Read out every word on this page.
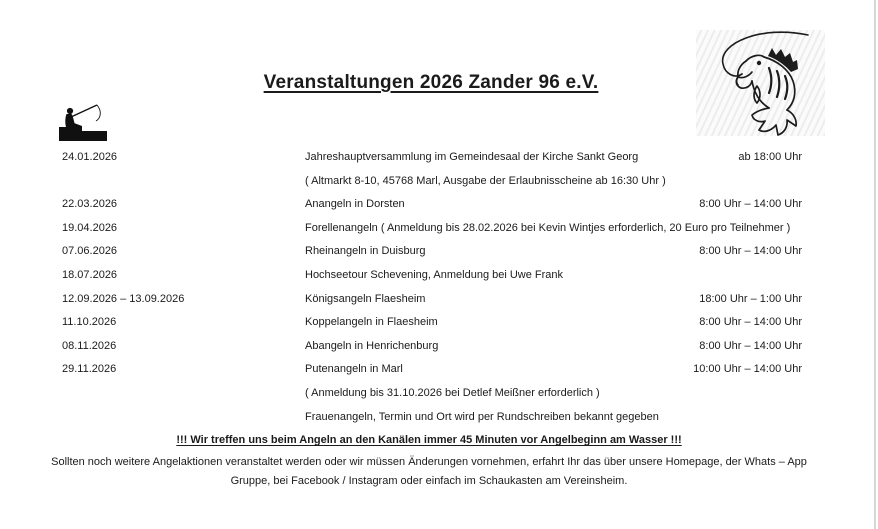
Veranstaltungen 2026 Zander 96 e.V.
24.01.2026	Jahreshauptversammlung im Gemeindesaal der Kirche Sankt Georg	ab 18:00 Uhr
( Altmarkt 8-10, 45768 Marl, Ausgabe der Erlaubnisscheine ab 16:30 Uhr )
22.03.2026	Anangeln in Dorsten	8:00 Uhr – 14:00 Uhr
19.04.2026	Forellenangeln ( Anmeldung bis 28.02.2026 bei Kevin Wintjes erforderlich, 20 Euro pro Teilnehmer )
07.06.2026	Rheinangeln in Duisburg	8:00 Uhr – 14:00 Uhr
18.07.2026	Hochseetour Schevening, Anmeldung bei Uwe Frank
12.09.2026 – 13.09.2026	Königsangeln Flaesheim	18:00 Uhr – 1:00 Uhr
11.10.2026	Koppelangeln in Flaesheim	8:00 Uhr – 14:00 Uhr
08.11.2026	Abangeln in Henrichenburg	8:00 Uhr – 14:00 Uhr
29.11.2026	Putenangeln in Marl	10:00 Uhr – 14:00 Uhr
( Anmeldung bis 31.10.2026 bei Detlef Meißner erforderlich )
Frauenangeln, Termin und Ort wird per Rundschreiben bekannt gegeben
!!! Wir treffen uns beim Angeln an den Kanälen immer 45 Minuten vor Angelbeginn am Wasser !!!
Sollten noch weitere Angelaktionen veranstaltet werden oder wir müssen Änderungen vornehmen, erfahrt Ihr das über unsere Homepage, der Whats – App Gruppe, bei Facebook / Instagram oder einfach im Schaukasten am Vereinsheim.
